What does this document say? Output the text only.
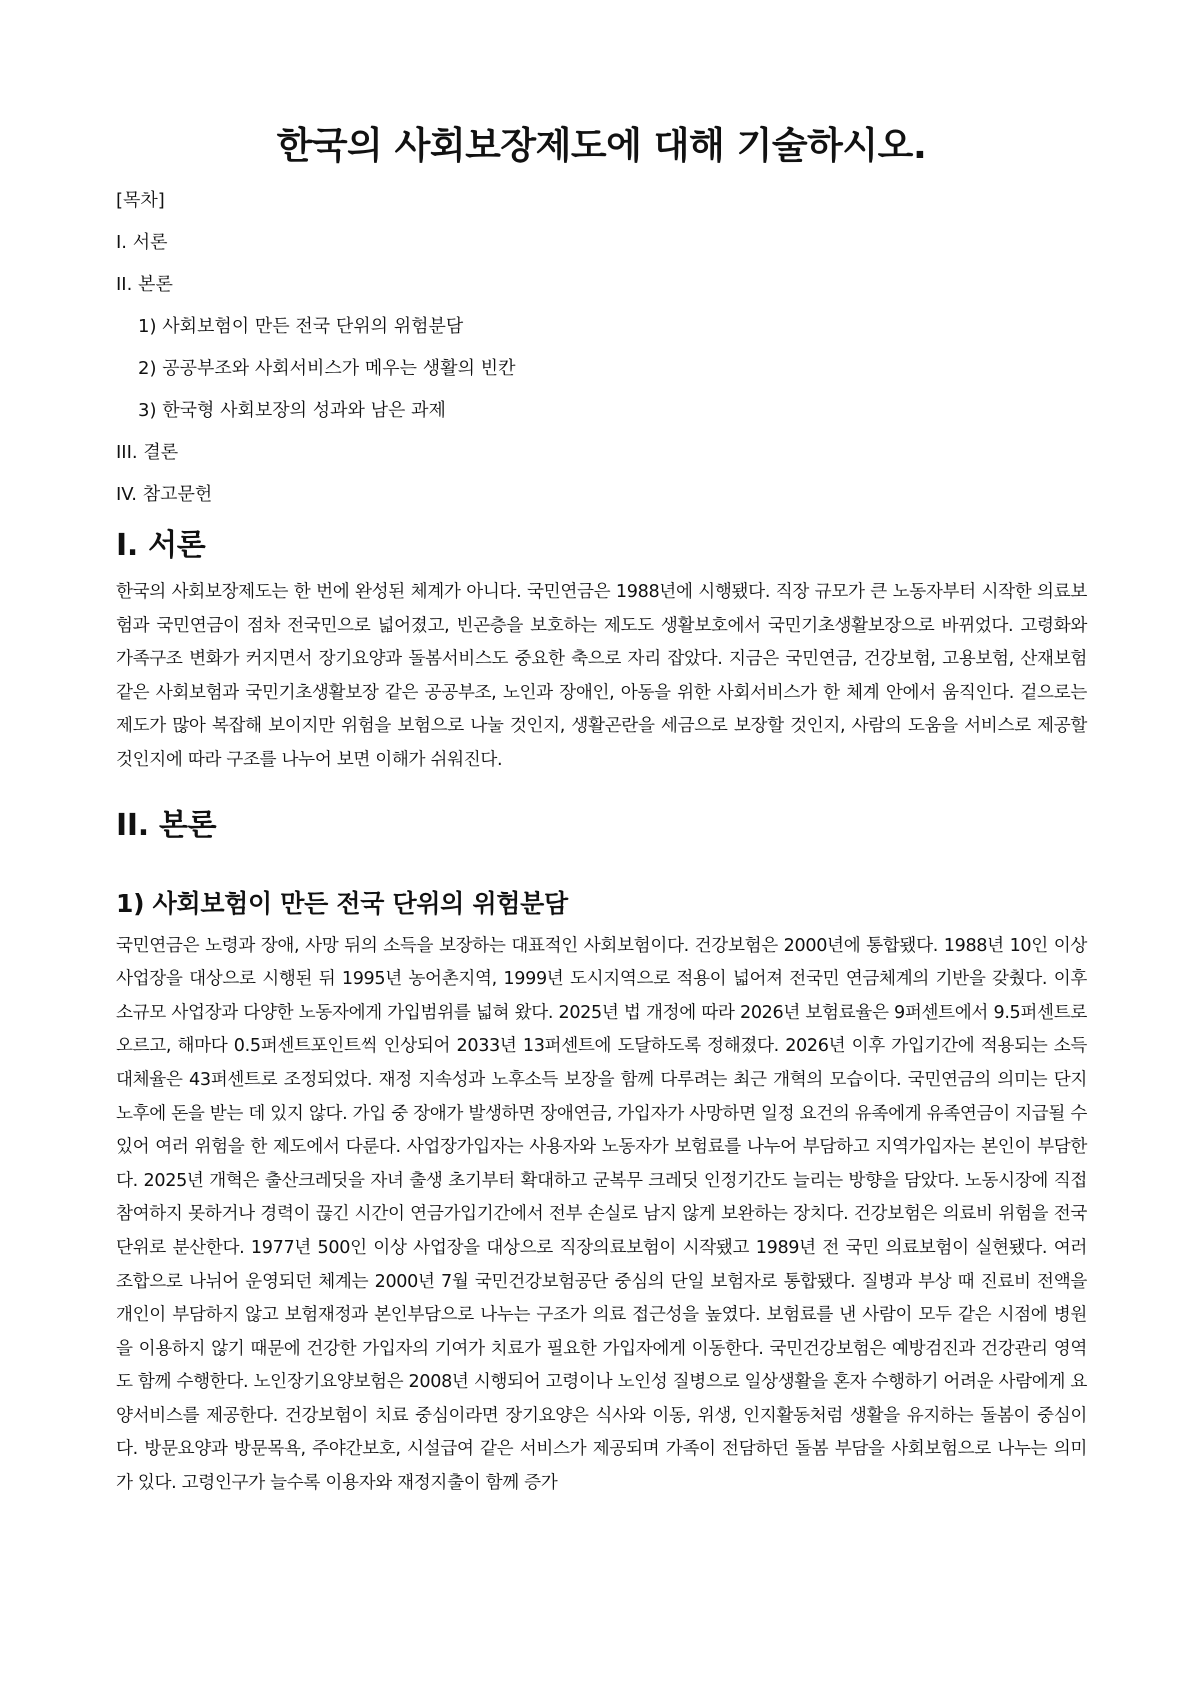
한국의 사회보장제도에 대해 기술하시오.
[목차]
I. 서론
II. 본론
1) 사회보험이 만든 전국 단위의 위험분담
2) 공공부조와 사회서비스가 메우는 생활의 빈칸
3) 한국형 사회보장의 성과와 남은 과제
III. 결론
IV. 참고문헌
I. 서론

한국의 사회보장제도는 한 번에 완성된 체계가 아니다. 국민연금은 1988년에 시행됐다. 직장 규모가 큰 노동자부터 시작한 의료보험과 국민연금이 점차 전국민으로 넓어졌고, 빈곤층을 보호하는 제도도 생활보호에서 국민기초생활보장으로 바뀌었다. 고령화와 가족구조 변화가 커지면서 장기요양과 돌봄서비스도 중요한 축으로 자리 잡았다. 지금은 국민연금, 건강보험, 고용보험, 산재보험 같은 사회보험과 국민기초생활보장 같은 공공부조, 노인과 장애인, 아동을 위한 사회서비스가 한 체계 안에서 움직인다. 겉으로는 제도가 많아 복잡해 보이지만 위험을 보험으로 나눌 것인지, 생활곤란을 세금으로 보장할 것인지, 사람의 도움을 서비스로 제공할 것인지에 따라 구조를 나누어 보면 이해가 쉬워진다.

II. 본론
1) 사회보험이 만든 전국 단위의 위험분담

국민연금은 노령과 장애, 사망 뒤의 소득을 보장하는 대표적인 사회보험이다. 건강보험은 2000년에 통합됐다. 1988년 10인 이상 사업장을 대상으로 시행된 뒤 1995년 농어촌지역, 1999년 도시지역으로 적용이 넓어져 전국민 연금체계의 기반을 갖췄다. 이후 소규모 사업장과 다양한 노동자에게 가입범위를 넓혀 왔다. 2025년 법 개정에 따라 2026년 보험료율은 9퍼센트에서 9.5퍼센트로 오르고, 해마다 0.5퍼센트포인트씩 인상되어 2033년 13퍼센트에 도달하도록 정해졌다. 2026년 이후 가입기간에 적용되는 소득대체율은 43퍼센트로 조정되었다. 재정 지속성과 노후소득 보장을 함께 다루려는 최근 개혁의 모습이다. 국민연금의 의미는 단지 노후에 돈을 받는 데 있지 않다. 가입 중 장애가 발생하면 장애연금, 가입자가 사망하면 일정 요건의 유족에게 유족연금이 지급될 수 있어 여러 위험을 한 제도에서 다룬다. 사업장가입자는 사용자와 노동자가 보험료를 나누어 부담하고 지역가입자는 본인이 부담한다. 2025년 개혁은 출산크레딧을 자녀 출생 초기부터 확대하고 군복무 크레딧 인정기간도 늘리는 방향을 담았다. 노동시장에 직접 참여하지 못하거나 경력이 끊긴 시간이 연금가입기간에서 전부 손실로 남지 않게 보완하는 장치다. 건강보험은 의료비 위험을 전국 단위로 분산한다. 1977년 500인 이상 사업장을 대상으로 직장의료보험이 시작됐고 1989년 전 국민 의료보험이 실현됐다. 여러 조합으로 나뉘어 운영되던 체계는 2000년 7월 국민건강보험공단 중심의 단일 보험자로 통합됐다. 질병과 부상 때 진료비 전액을 개인이 부담하지 않고 보험재정과 본인부담으로 나누는 구조가 의료 접근성을 높였다. 보험료를 낸 사람이 모두 같은 시점에 병원을 이용하지 않기 때문에 건강한 가입자의 기여가 치료가 필요한 가입자에게 이동한다. 국민건강보험은 예방검진과 건강관리 영역도 함께 수행한다. 노인장기요양보험은 2008년 시행되어 고령이나 노인성 질병으로 일상생활을 혼자 수행하기 어려운 사람에게 요양서비스를 제공한다. 건강보험이 치료 중심이라면 장기요양은 식사와 이동, 위생, 인지활동처럼 생활을 유지하는 돌봄이 중심이다. 방문요양과 방문목욕, 주야간보호, 시설급여 같은 서비스가 제공되며 가족이 전담하던 돌봄 부담을 사회보험으로 나누는 의미가 있다. 고령인구가 늘수록 이용자와 재정지출이 함께 증가
